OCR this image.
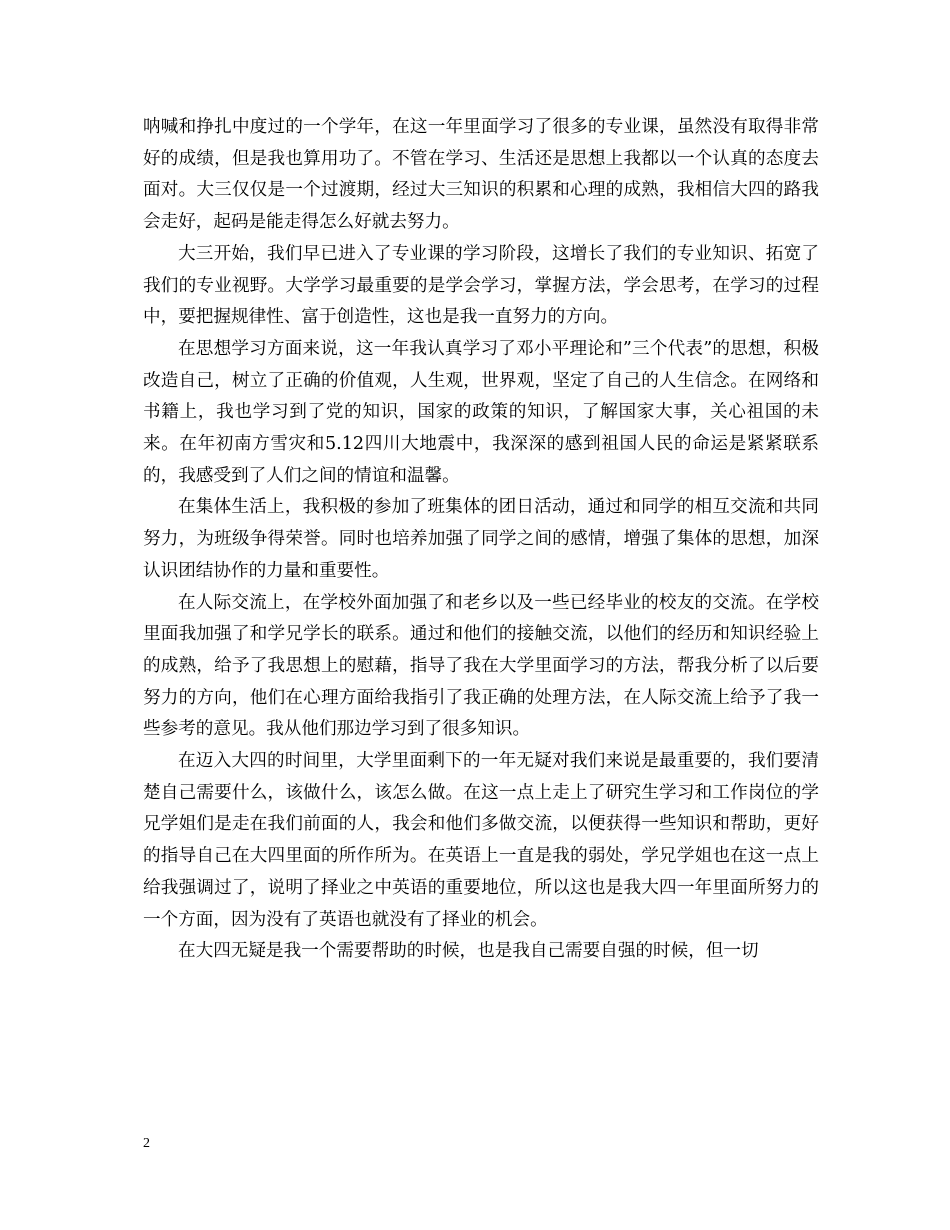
呐喊和挣扎中度过的一个学年，在这一年里面学习了很多的专业课，虽然没有取得非常好的成绩，但是我也算用功了。不管在学习、生活还是思想上我都以一个认真的态度去面对。大三仅仅是一个过渡期，经过大三知识的积累和心理的成熟，我相信大四的路我会走好，起码是能走得怎么好就去努力。

大三开始，我们早已进入了专业课的学习阶段，这增长了我们的专业知识、拓宽了我们的专业视野。大学学习最重要的是学会学习，掌握方法，学会思考，在学习的过程中，要把握规律性、富于创造性，这也是我一直努力的方向。

在思想学习方面来说，这一年我认真学习了邓小平理论和”三个代表”的思想，积极改造自己，树立了正确的价值观，人生观，世界观，坚定了自己的人生信念。在网络和书籍上，我也学习到了党的知识，国家的政策的知识，了解国家大事，关心祖国的未来。在年初南方雪灾和5.12四川大地震中，我深深的感到祖国人民的命运是紧紧联系的，我感受到了人们之间的情谊和温馨。

在集体生活上，我积极的参加了班集体的团日活动，通过和同学的相互交流和共同努力，为班级争得荣誉。同时也培养加强了同学之间的感情，增强了集体的思想，加深认识团结协作的力量和重要性。

在人际交流上，在学校外面加强了和老乡以及一些已经毕业的校友的交流。在学校里面我加强了和学兄学长的联系。通过和他们的接触交流，以他们的经历和知识经验上的成熟，给予了我思想上的慰藉，指导了我在大学里面学习的方法，帮我分析了以后要努力的方向，他们在心理方面给我指引了我正确的处理方法，在人际交流上给予了我一些参考的意见。我从他们那边学习到了很多知识。

在迈入大四的时间里，大学里面剩下的一年无疑对我们来说是最重要的，我们要清楚自己需要什么，该做什么，该怎么做。在这一点上走上了研究生学习和工作岗位的学兄学姐们是走在我们前面的人，我会和他们多做交流，以便获得一些知识和帮助，更好的指导自己在大四里面的所作所为。在英语上一直是我的弱处，学兄学姐也在这一点上给我强调过了，说明了择业之中英语的重要地位，所以这也是我大四一年里面所努力的一个方面，因为没有了英语也就没有了择业的机会。

在大四无疑是我一个需要帮助的时候，也是我自己需要自强的时候，但一切

2
